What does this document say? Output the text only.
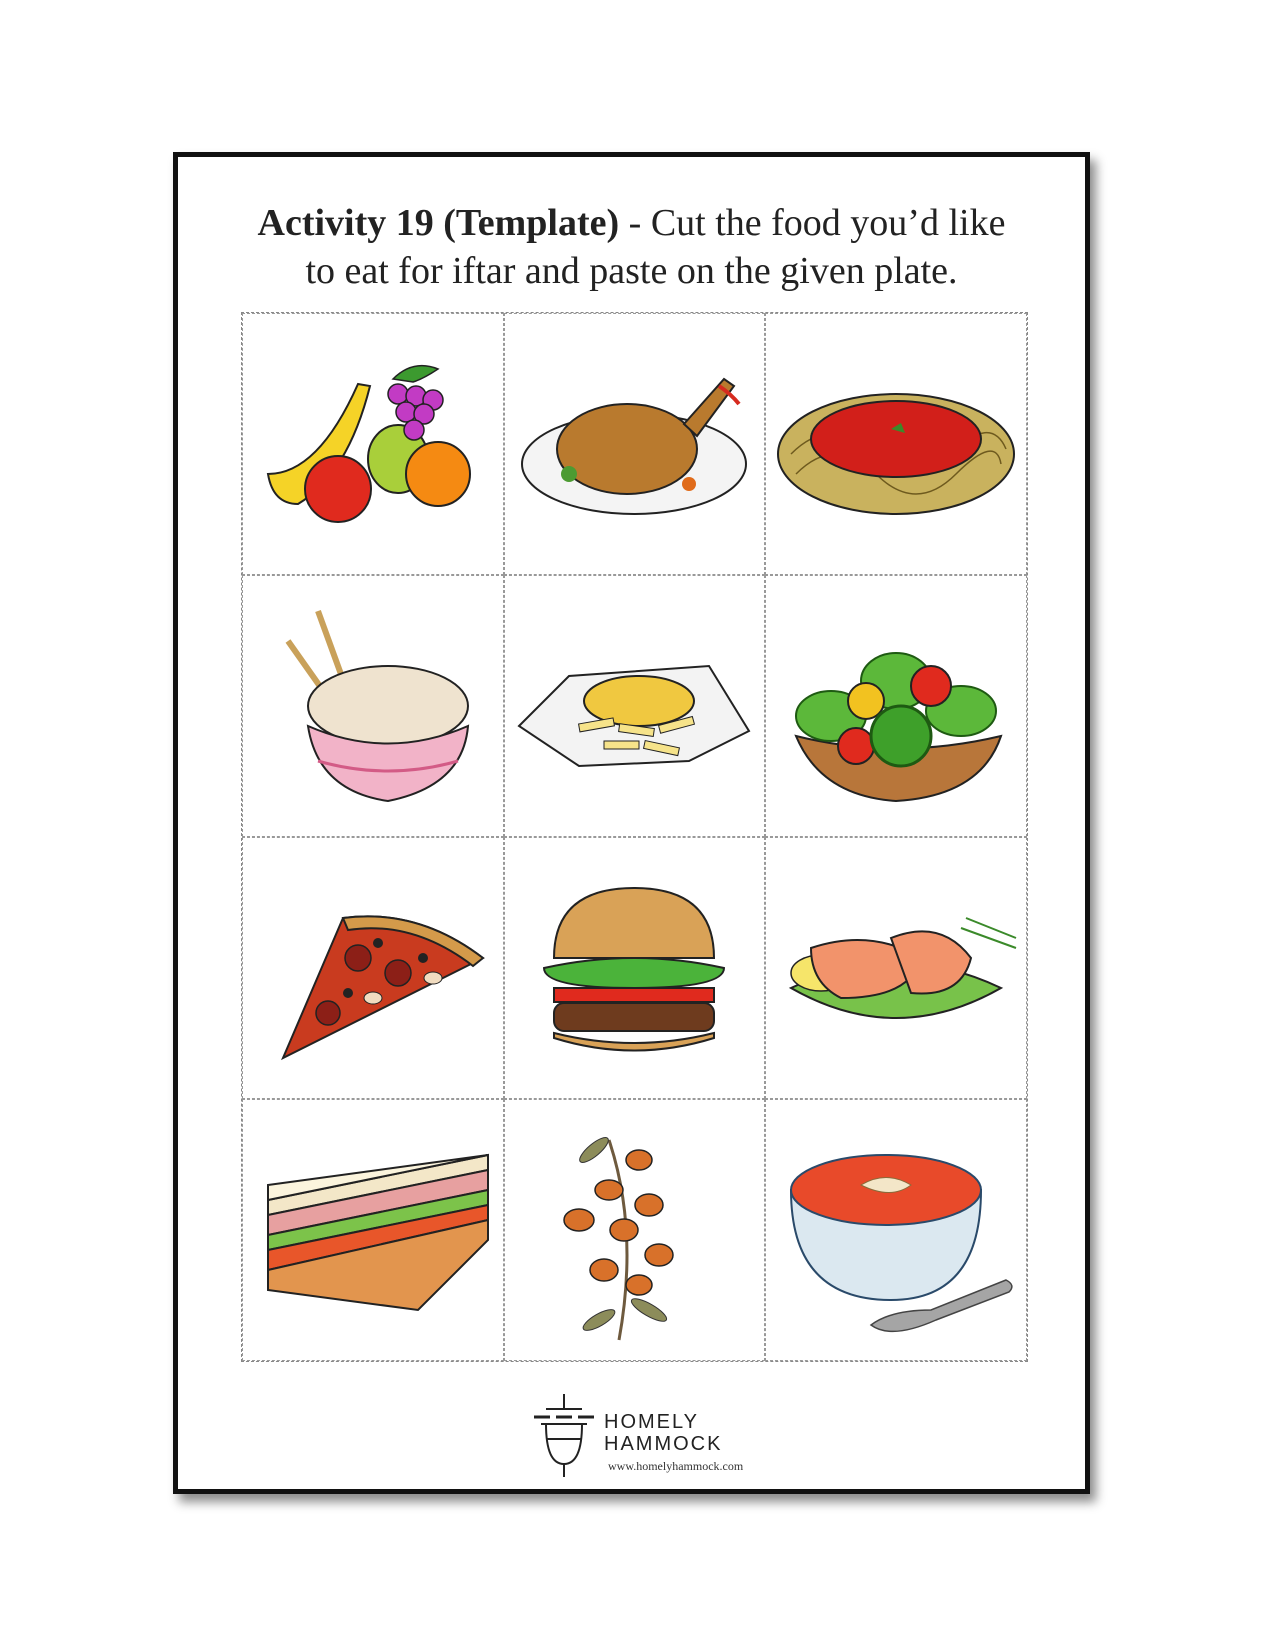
Activity 19 (Template) - Cut the food you’d like
to eat for iftar and paste on the given plate.
HOMELY
HAMMOCK
www.homelyhammock.com
